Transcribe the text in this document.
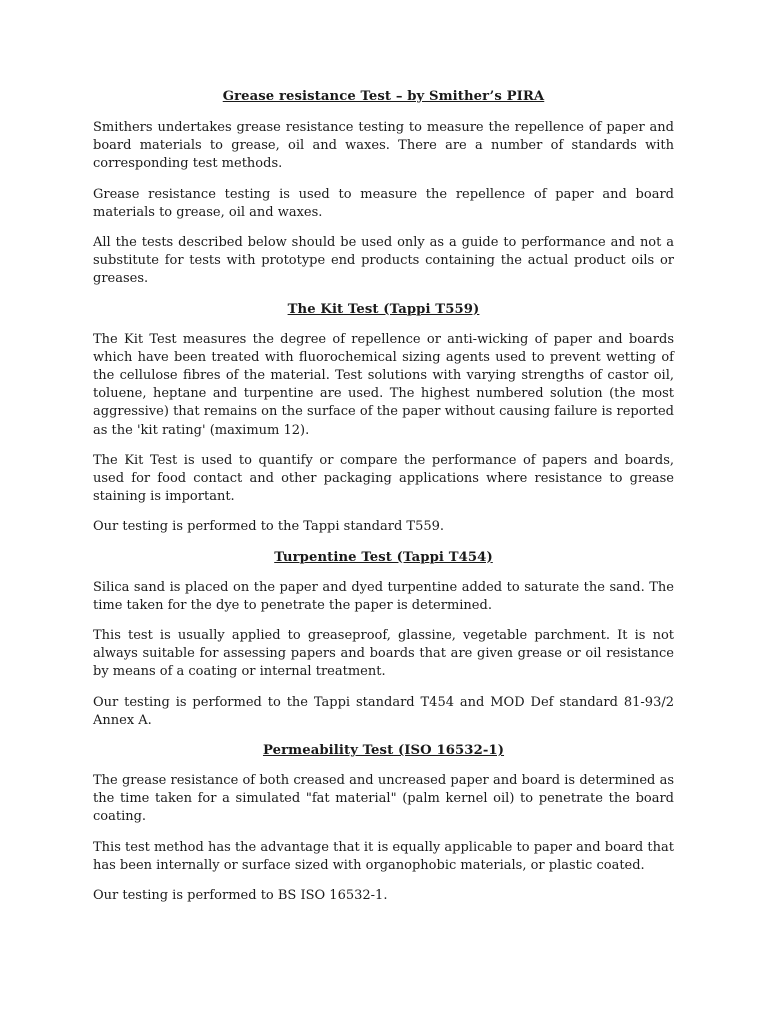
Grease resistance Test – by Smither’s PIRA

Smithers undertakes grease resistance testing to measure the repellence of paper and board materials to grease, oil and waxes. There are a number of standards with corresponding test methods.

Grease resistance testing is used to measure the repellence of paper and board materials to grease, oil and waxes.

All the tests described below should be used only as a guide to performance and not a substitute for tests with prototype end products containing the actual product oils or greases.

The Kit Test (Tappi T559)

The Kit Test measures the degree of repellence or anti-wicking of paper and boards which have been treated with fluorochemical sizing agents used to prevent wetting of the cellulose fibres of the material. Test solutions with varying strengths of castor oil, toluene, heptane and turpentine are used. The highest numbered solution (the most aggressive) that remains on the surface of the paper without causing failure is reported as the 'kit rating' (maximum 12).

The Kit Test is used to quantify or compare the performance of papers and boards, used for food contact and other packaging applications where resistance to grease staining is important.

Our testing is performed to the Tappi standard T559.

Turpentine Test (Tappi T454)

Silica sand is placed on the paper and dyed turpentine added to saturate the sand. The time taken for the dye to penetrate the paper is determined.

This test is usually applied to greaseproof, glassine, vegetable parchment. It is not always suitable for assessing papers and boards that are given grease or oil resistance by means of a coating or internal treatment.

Our testing is performed to the Tappi standard T454 and MOD Def standard 81-93/2 Annex A.

Permeability Test (ISO 16532-1)

The grease resistance of both creased and uncreased paper and board is determined as the time taken for a simulated "fat material" (palm kernel oil) to penetrate the board coating.

This test method has the advantage that it is equally applicable to paper and board that has been internally or surface sized with organophobic materials, or plastic coated.

Our testing is performed to BS ISO 16532-1.
